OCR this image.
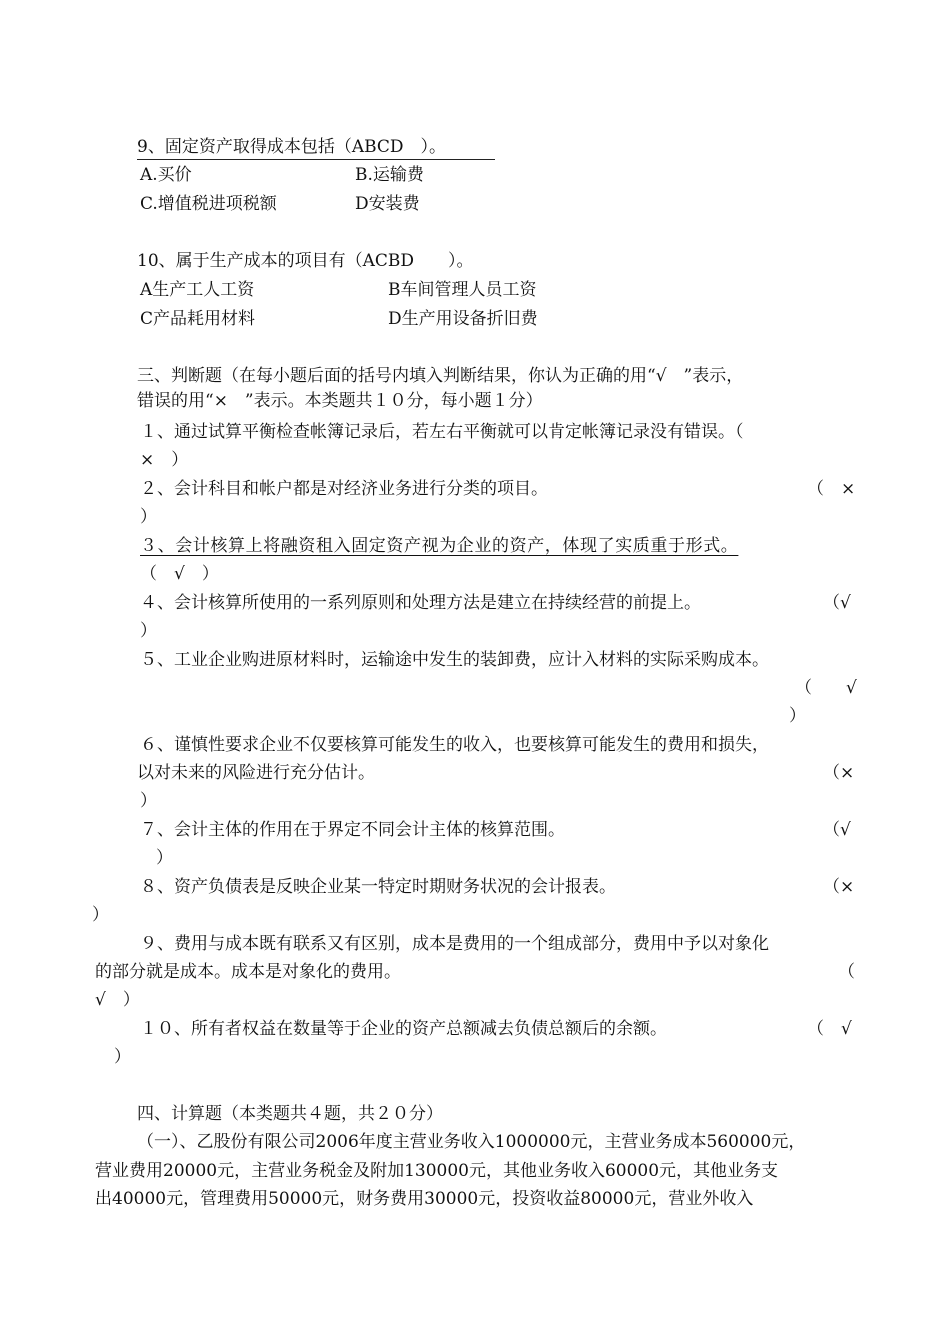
9、固定资产取得成本包括（ABCD　）。
A.买价	B.运输费
C.增值税进项税额	D安装费
10、属于生产成本的项目有（ACBD　　）。
A生产工人工资	B车间管理人员工资
C产品耗用材料	D生产用设备折旧费
三、判断题（在每小题后面的括号内填入判断结果，你认为正确的用“√　”表示，
错误的用“×　”表示。本类题共１０分，每小题１分）
１、通过试算平衡检查帐簿记录后，若左右平衡就可以肯定帐簿记录没有错误。（
×　）
２、会计科目和帐户都是对经济业务进行分类的项目。	（　×
）
３、会计核算上将融资租入固定资产视为企业的资产，体现了实质重于形式。
（　√　）
４、会计核算所使用的一系列原则和处理方法是建立在持续经营的前提上。	（√
）
５、工业企业购进原材料时，运输途中发生的装卸费，应计入材料的实际采购成本。
（　　√
）
６、谨慎性要求企业不仅要核算可能发生的收入，也要核算可能发生的费用和损失，
以对未来的风险进行充分估计。	（×
）
７、会计主体的作用在于界定不同会计主体的核算范围。	（√
）
８、资产负债表是反映企业某一特定时期财务状况的会计报表。	（×
）
９、费用与成本既有联系又有区别，成本是费用的一个组成部分，费用中予以对象化
的部分就是成本。成本是对象化的费用。	（
√　）
１０、所有者权益在数量等于企业的资产总额减去负债总额后的余额。	（　√
）
四、计算题（本类题共４题，共２０分）
（一）、乙股份有限公司2006年度主营业务收入1000000元，主营业务成本560000元，
营业费用20000元，主营业务税金及附加130000元，其他业务收入60000元，其他业务支
出40000元，管理费用50000元，财务费用30000元，投资收益80000元，营业外收入
